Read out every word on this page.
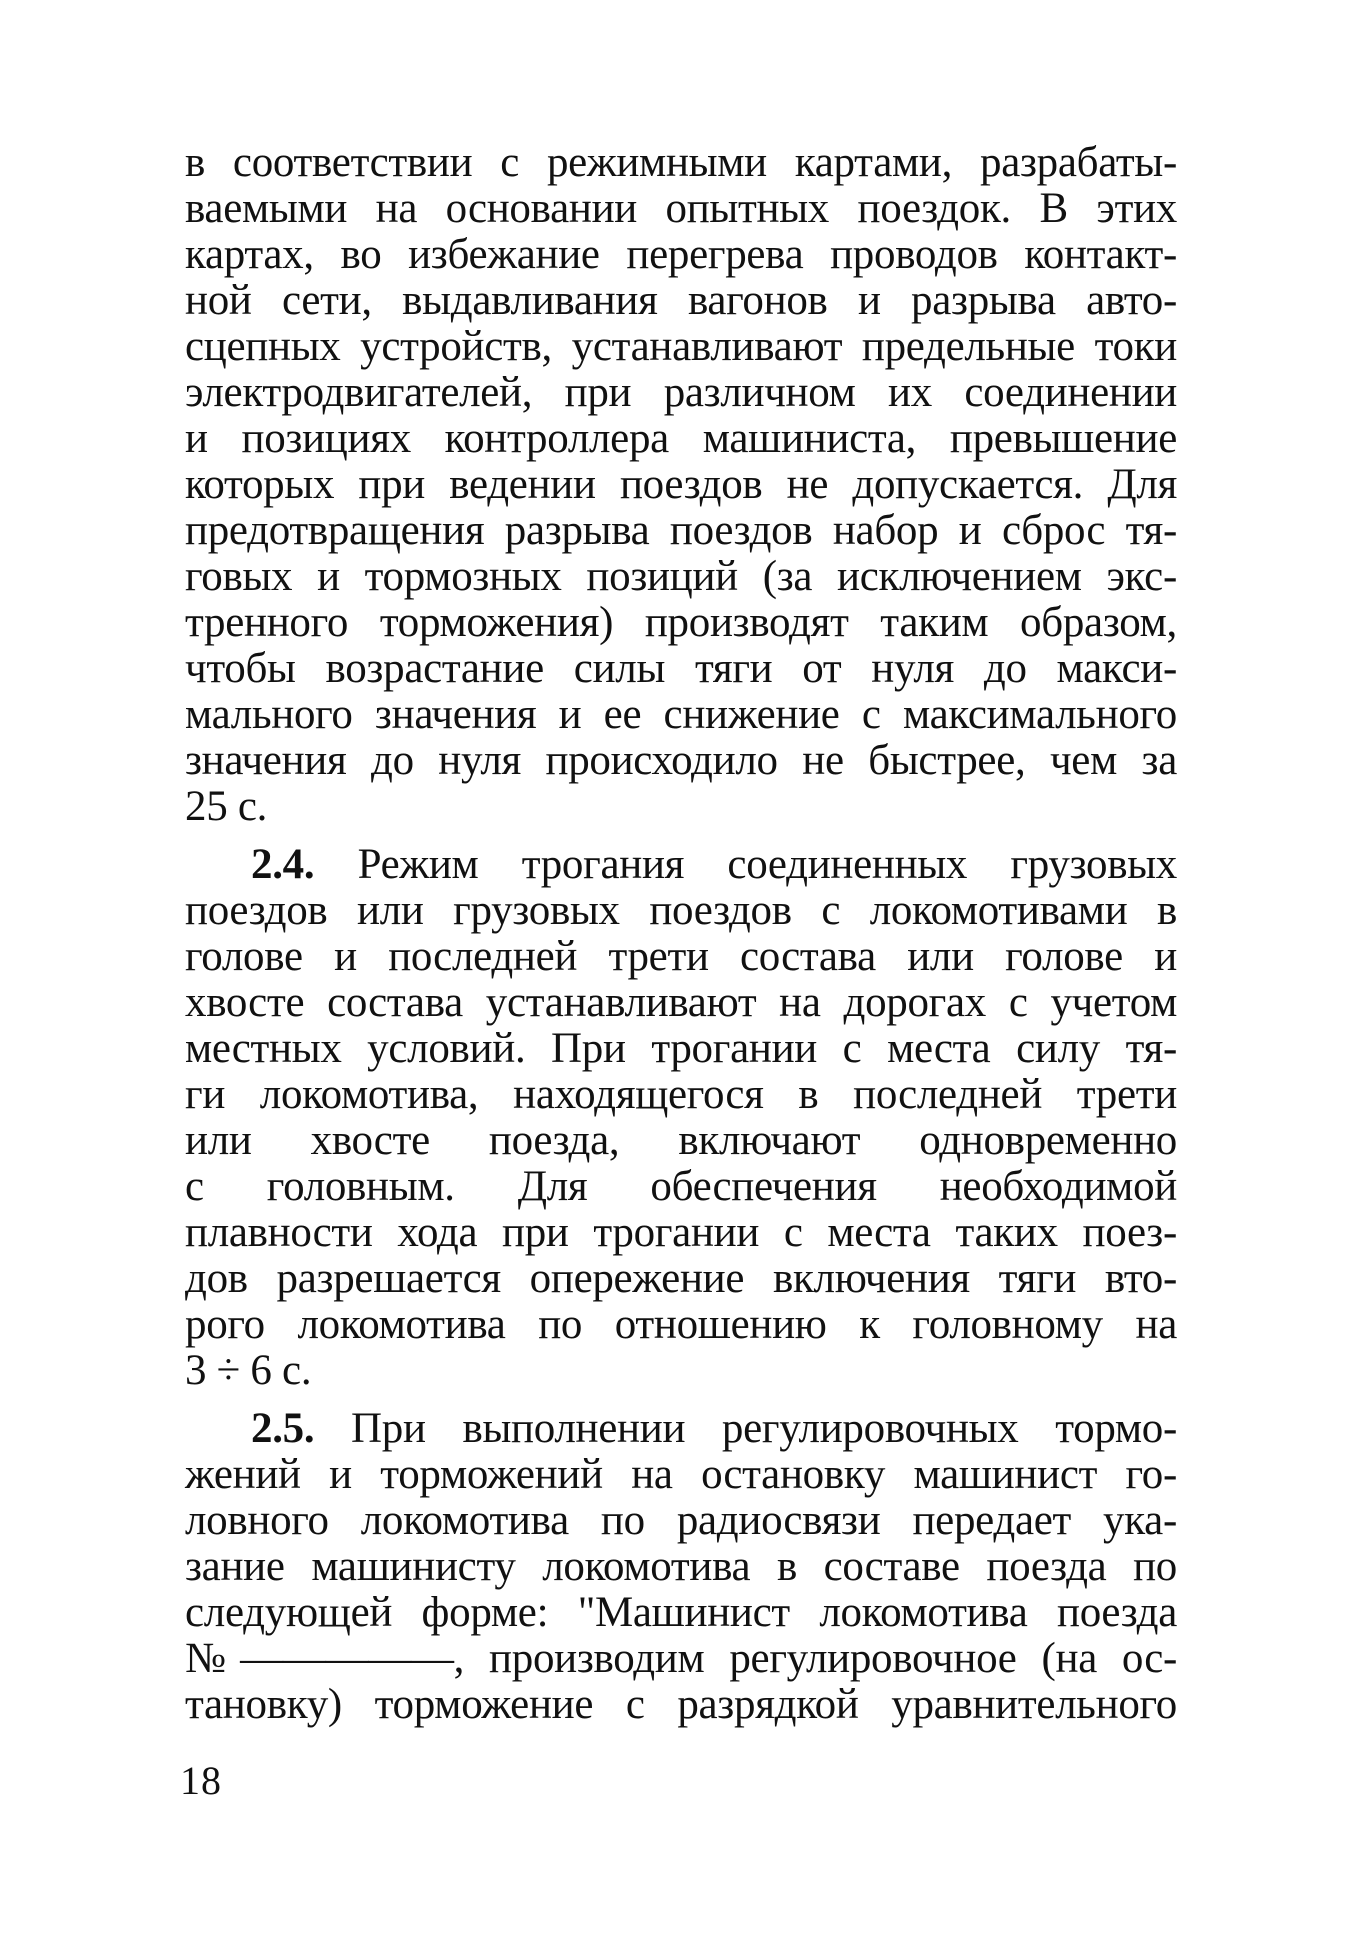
в соответствии с режимными картами, разрабаты-
ваемыми на основании опытных поездок. В этих
картах, во избежание перегрева проводов контакт-
ной сети, выдавливания вагонов и разрыва авто-
сцепных устройств, устанавливают предельные токи
электродвигателей, при различном их соединении
и позициях контроллера машиниста, превышение
которых при ведении поездов не допускается. Для
предотвращения разрыва поездов набор и сброс тя-
говых и тормозных позиций (за исключением экс-
тренного торможения) производят таким образом,
чтобы возрастание силы тяги от нуля до макси-
мального значения и ее снижение с максимального
значения до нуля происходило не быстрее, чем за
25 с.
2.4. Режим трогания соединенных грузовых
поездов или грузовых поездов с локомотивами в
голове и последней трети состава или голове и
хвосте состава устанавливают на дорогах с учетом
местных условий. При трогании с места силу тя-
ги локомотива, находящегося в последней трети
или хвосте поезда, включают одновременно
с головным. Для обеспечения необходимой
плавности хода при трогании с места таких поез-
дов разрешается опережение включения тяги вто-
рого локомотива по отношению к головному на
3 ÷ 6 с.
2.5. При выполнении регулировочных тормо-
жений и торможений на остановку машинист го-
ловного локомотива по радиосвязи передает ука-
зание машинисту локомотива в составе поезда по
следующей форме: "Машинист локомотива поезда
№―――――, производим регулировочное (на ос-
тановку) торможение с разрядкой уравнительного
18
